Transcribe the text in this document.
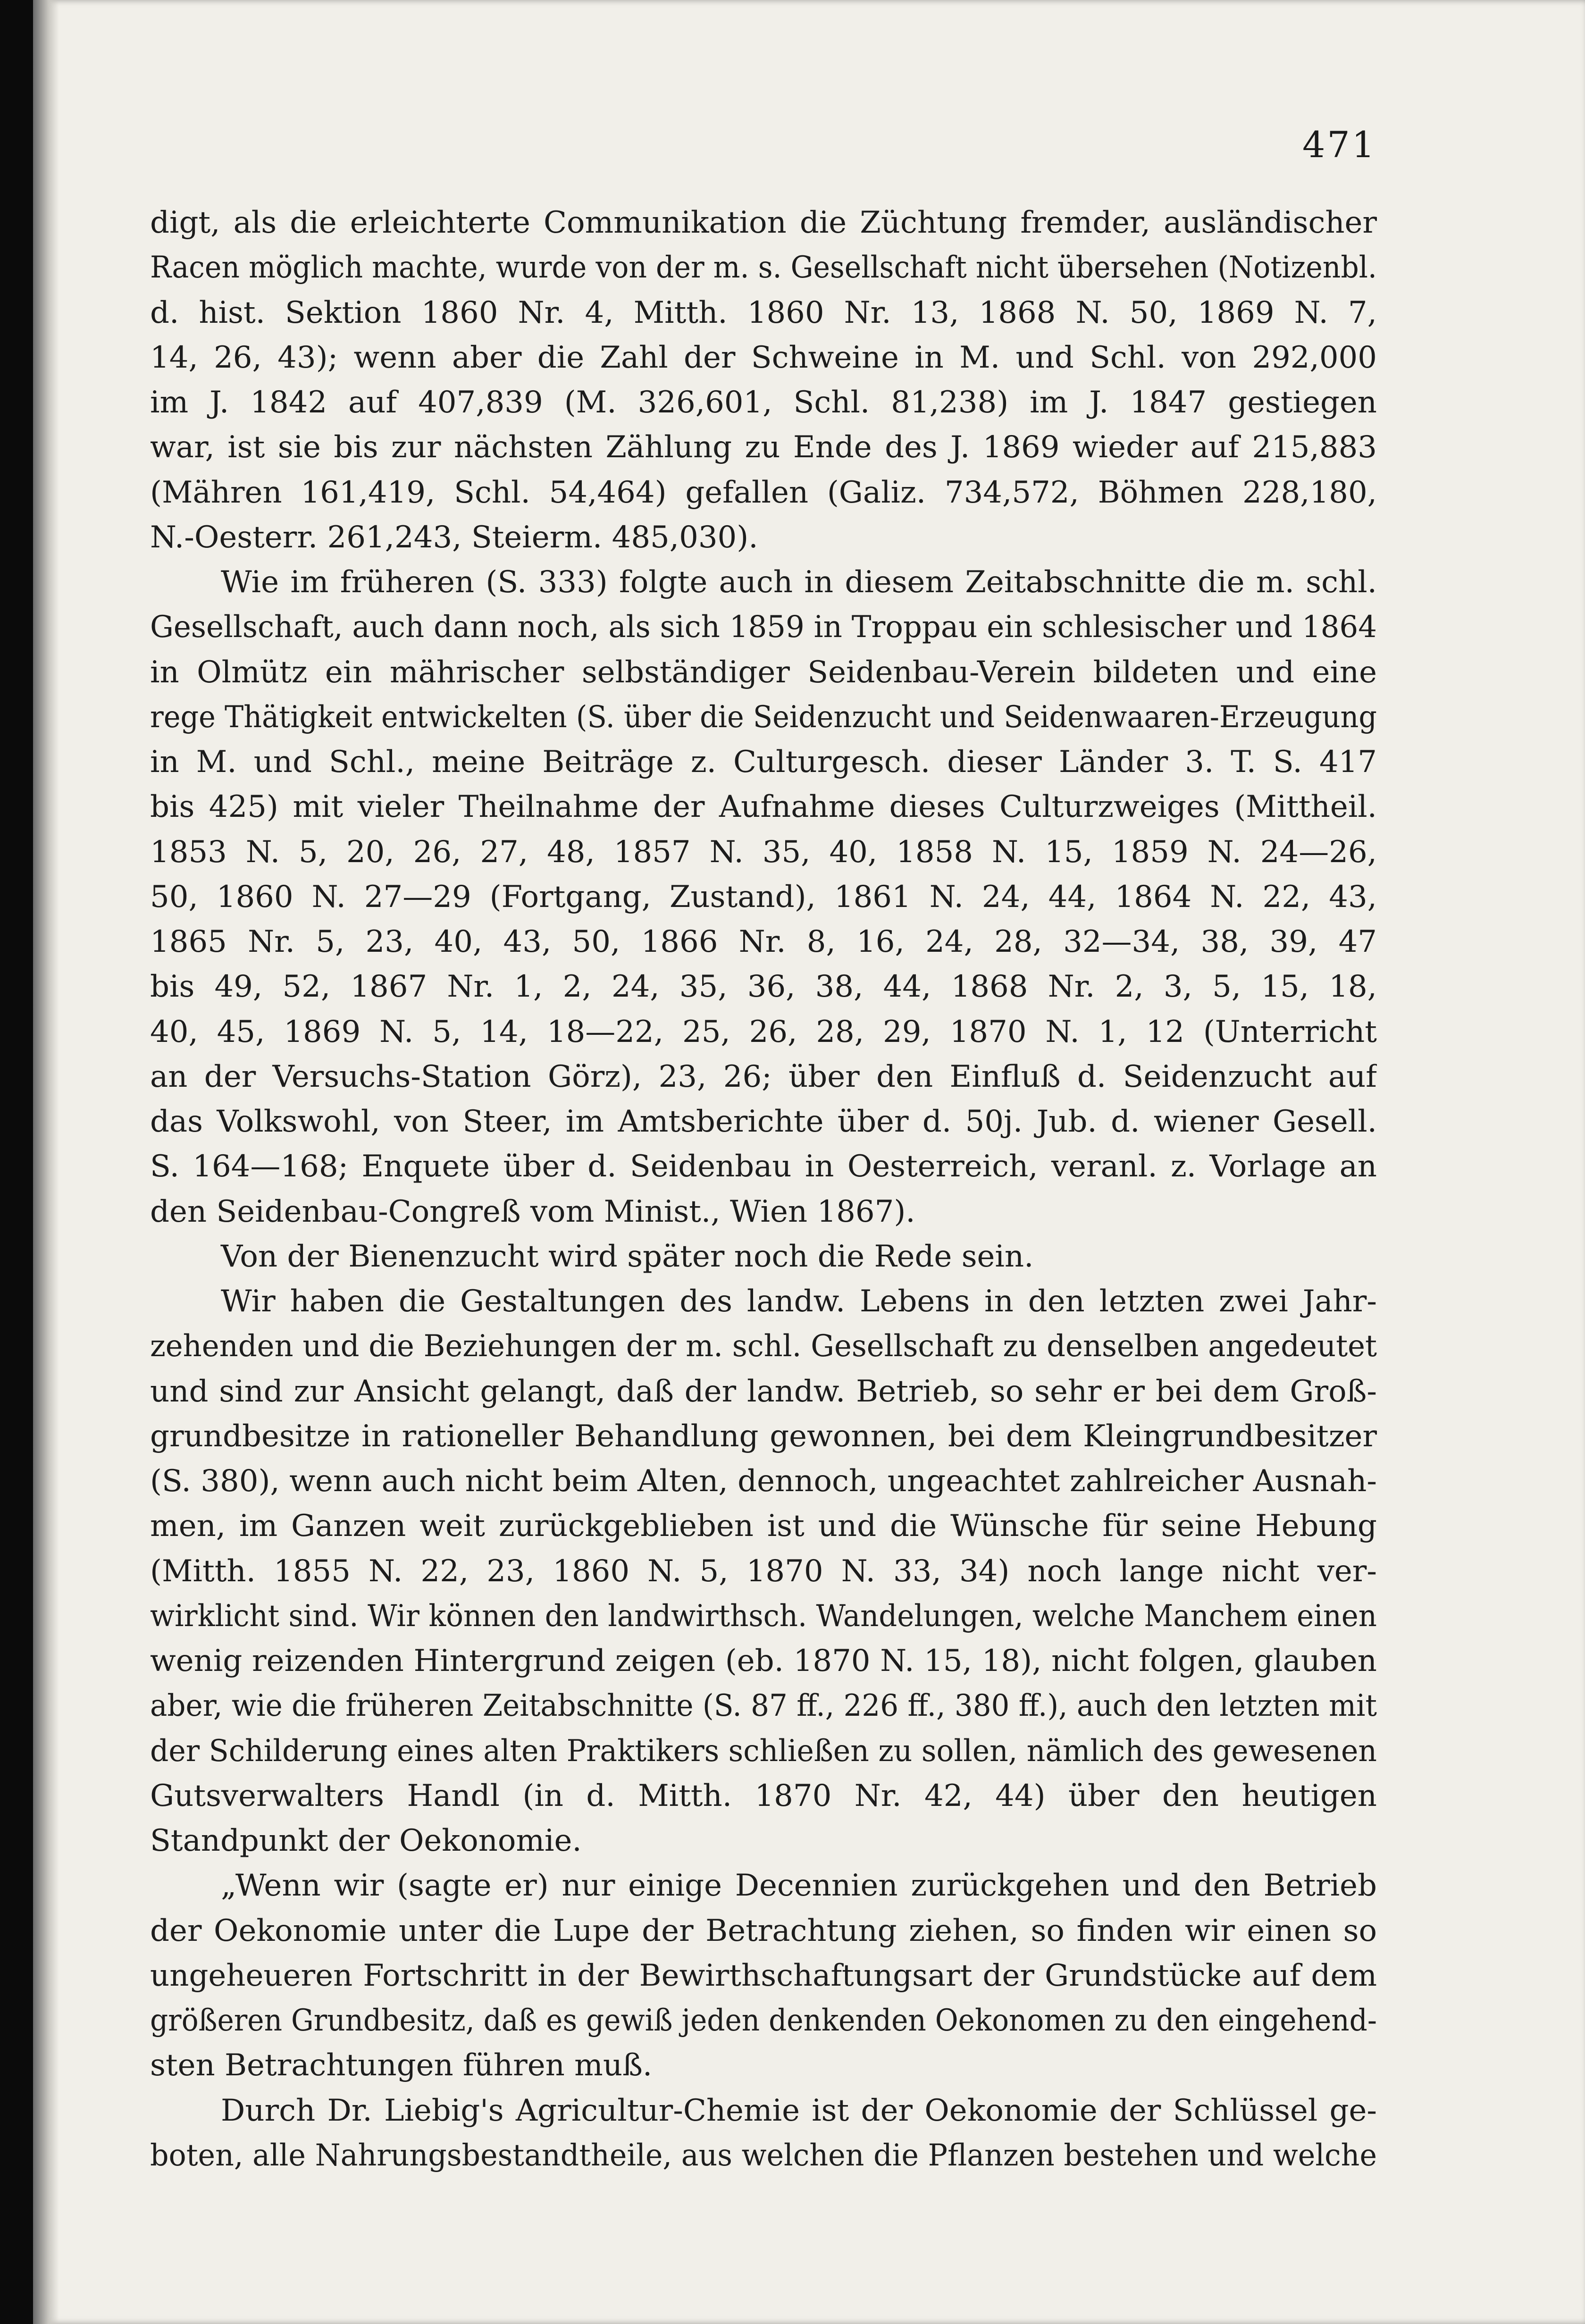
471
digt, als die erleichterte Communikation die Züchtung fremder, ausländischer
Racen möglich machte, wurde von der m. s. Gesellschaft nicht übersehen (Notizenbl.
d. hist. Sektion 1860 Nr. 4, Mitth. 1860 Nr. 13, 1868 N. 50, 1869 N. 7,
14, 26, 43); wenn aber die Zahl der Schweine in M. und Schl. von 292,000
im J. 1842 auf 407,839 (M. 326,601, Schl. 81,238) im J. 1847 gestiegen
war, ist sie bis zur nächsten Zählung zu Ende des J. 1869 wieder auf 215,883
(Mähren 161,419, Schl. 54,464) gefallen (Galiz. 734,572, Böhmen 228,180,
N.-Oesterr. 261,243, Steierm. 485,030).
Wie im früheren (S. 333) folgte auch in diesem Zeitabschnitte die m. schl.
Gesellschaft, auch dann noch, als sich 1859 in Troppau ein schlesischer und 1864
in Olmütz ein mährischer selbständiger Seidenbau-Verein bildeten und eine
rege Thätigkeit entwickelten (S. über die Seidenzucht und Seidenwaaren-Erzeugung
in M. und Schl., meine Beiträge z. Culturgesch. dieser Länder 3. T. S. 417
bis 425) mit vieler Theilnahme der Aufnahme dieses Culturzweiges (Mittheil.
1853 N. 5, 20, 26, 27, 48, 1857 N. 35, 40, 1858 N. 15, 1859 N. 24—26,
50, 1860 N. 27—29 (Fortgang, Zustand), 1861 N. 24, 44, 1864 N. 22, 43,
1865 Nr. 5, 23, 40, 43, 50, 1866 Nr. 8, 16, 24, 28, 32—34, 38, 39, 47
bis 49, 52, 1867 Nr. 1, 2, 24, 35, 36, 38, 44, 1868 Nr. 2, 3, 5, 15, 18,
40, 45, 1869 N. 5, 14, 18—22, 25, 26, 28, 29, 1870 N. 1, 12 (Unterricht
an der Versuchs-Station Görz), 23, 26; über den Einfluß d. Seidenzucht auf
das Volkswohl, von Steer, im Amtsberichte über d. 50j. Jub. d. wiener Gesell.
S. 164—168; Enquete über d. Seidenbau in Oesterreich, veranl. z. Vorlage an
den Seidenbau-Congreß vom Minist., Wien 1867).
Von der Bienenzucht wird später noch die Rede sein.
Wir haben die Gestaltungen des landw. Lebens in den letzten zwei Jahr-
zehenden und die Beziehungen der m. schl. Gesellschaft zu denselben angedeutet
und sind zur Ansicht gelangt, daß der landw. Betrieb, so sehr er bei dem Groß-
grundbesitze in rationeller Behandlung gewonnen, bei dem Kleingrundbesitzer
(S. 380), wenn auch nicht beim Alten, dennoch, ungeachtet zahlreicher Ausnah-
men, im Ganzen weit zurückgeblieben ist und die Wünsche für seine Hebung
(Mitth. 1855 N. 22, 23, 1860 N. 5, 1870 N. 33, 34) noch lange nicht ver-
wirklicht sind. Wir können den landwirthsch. Wandelungen, welche Manchem einen
wenig reizenden Hintergrund zeigen (eb. 1870 N. 15, 18), nicht folgen, glauben
aber, wie die früheren Zeitabschnitte (S. 87 ff., 226 ff., 380 ff.), auch den letzten mit
der Schilderung eines alten Praktikers schließen zu sollen, nämlich des gewesenen
Gutsverwalters Handl (in d. Mitth. 1870 Nr. 42, 44) über den heutigen
Standpunkt der Oekonomie.
„Wenn wir (sagte er) nur einige Decennien zurückgehen und den Betrieb
der Oekonomie unter die Lupe der Betrachtung ziehen, so finden wir einen so
ungeheueren Fortschritt in der Bewirthschaftungsart der Grundstücke auf dem
größeren Grundbesitz, daß es gewiß jeden denkenden Oekonomen zu den eingehend-
sten Betrachtungen führen muß.
Durch Dr. Liebig's Agricultur-Chemie ist der Oekonomie der Schlüssel ge-
boten, alle Nahrungsbestandtheile, aus welchen die Pflanzen bestehen und welche
